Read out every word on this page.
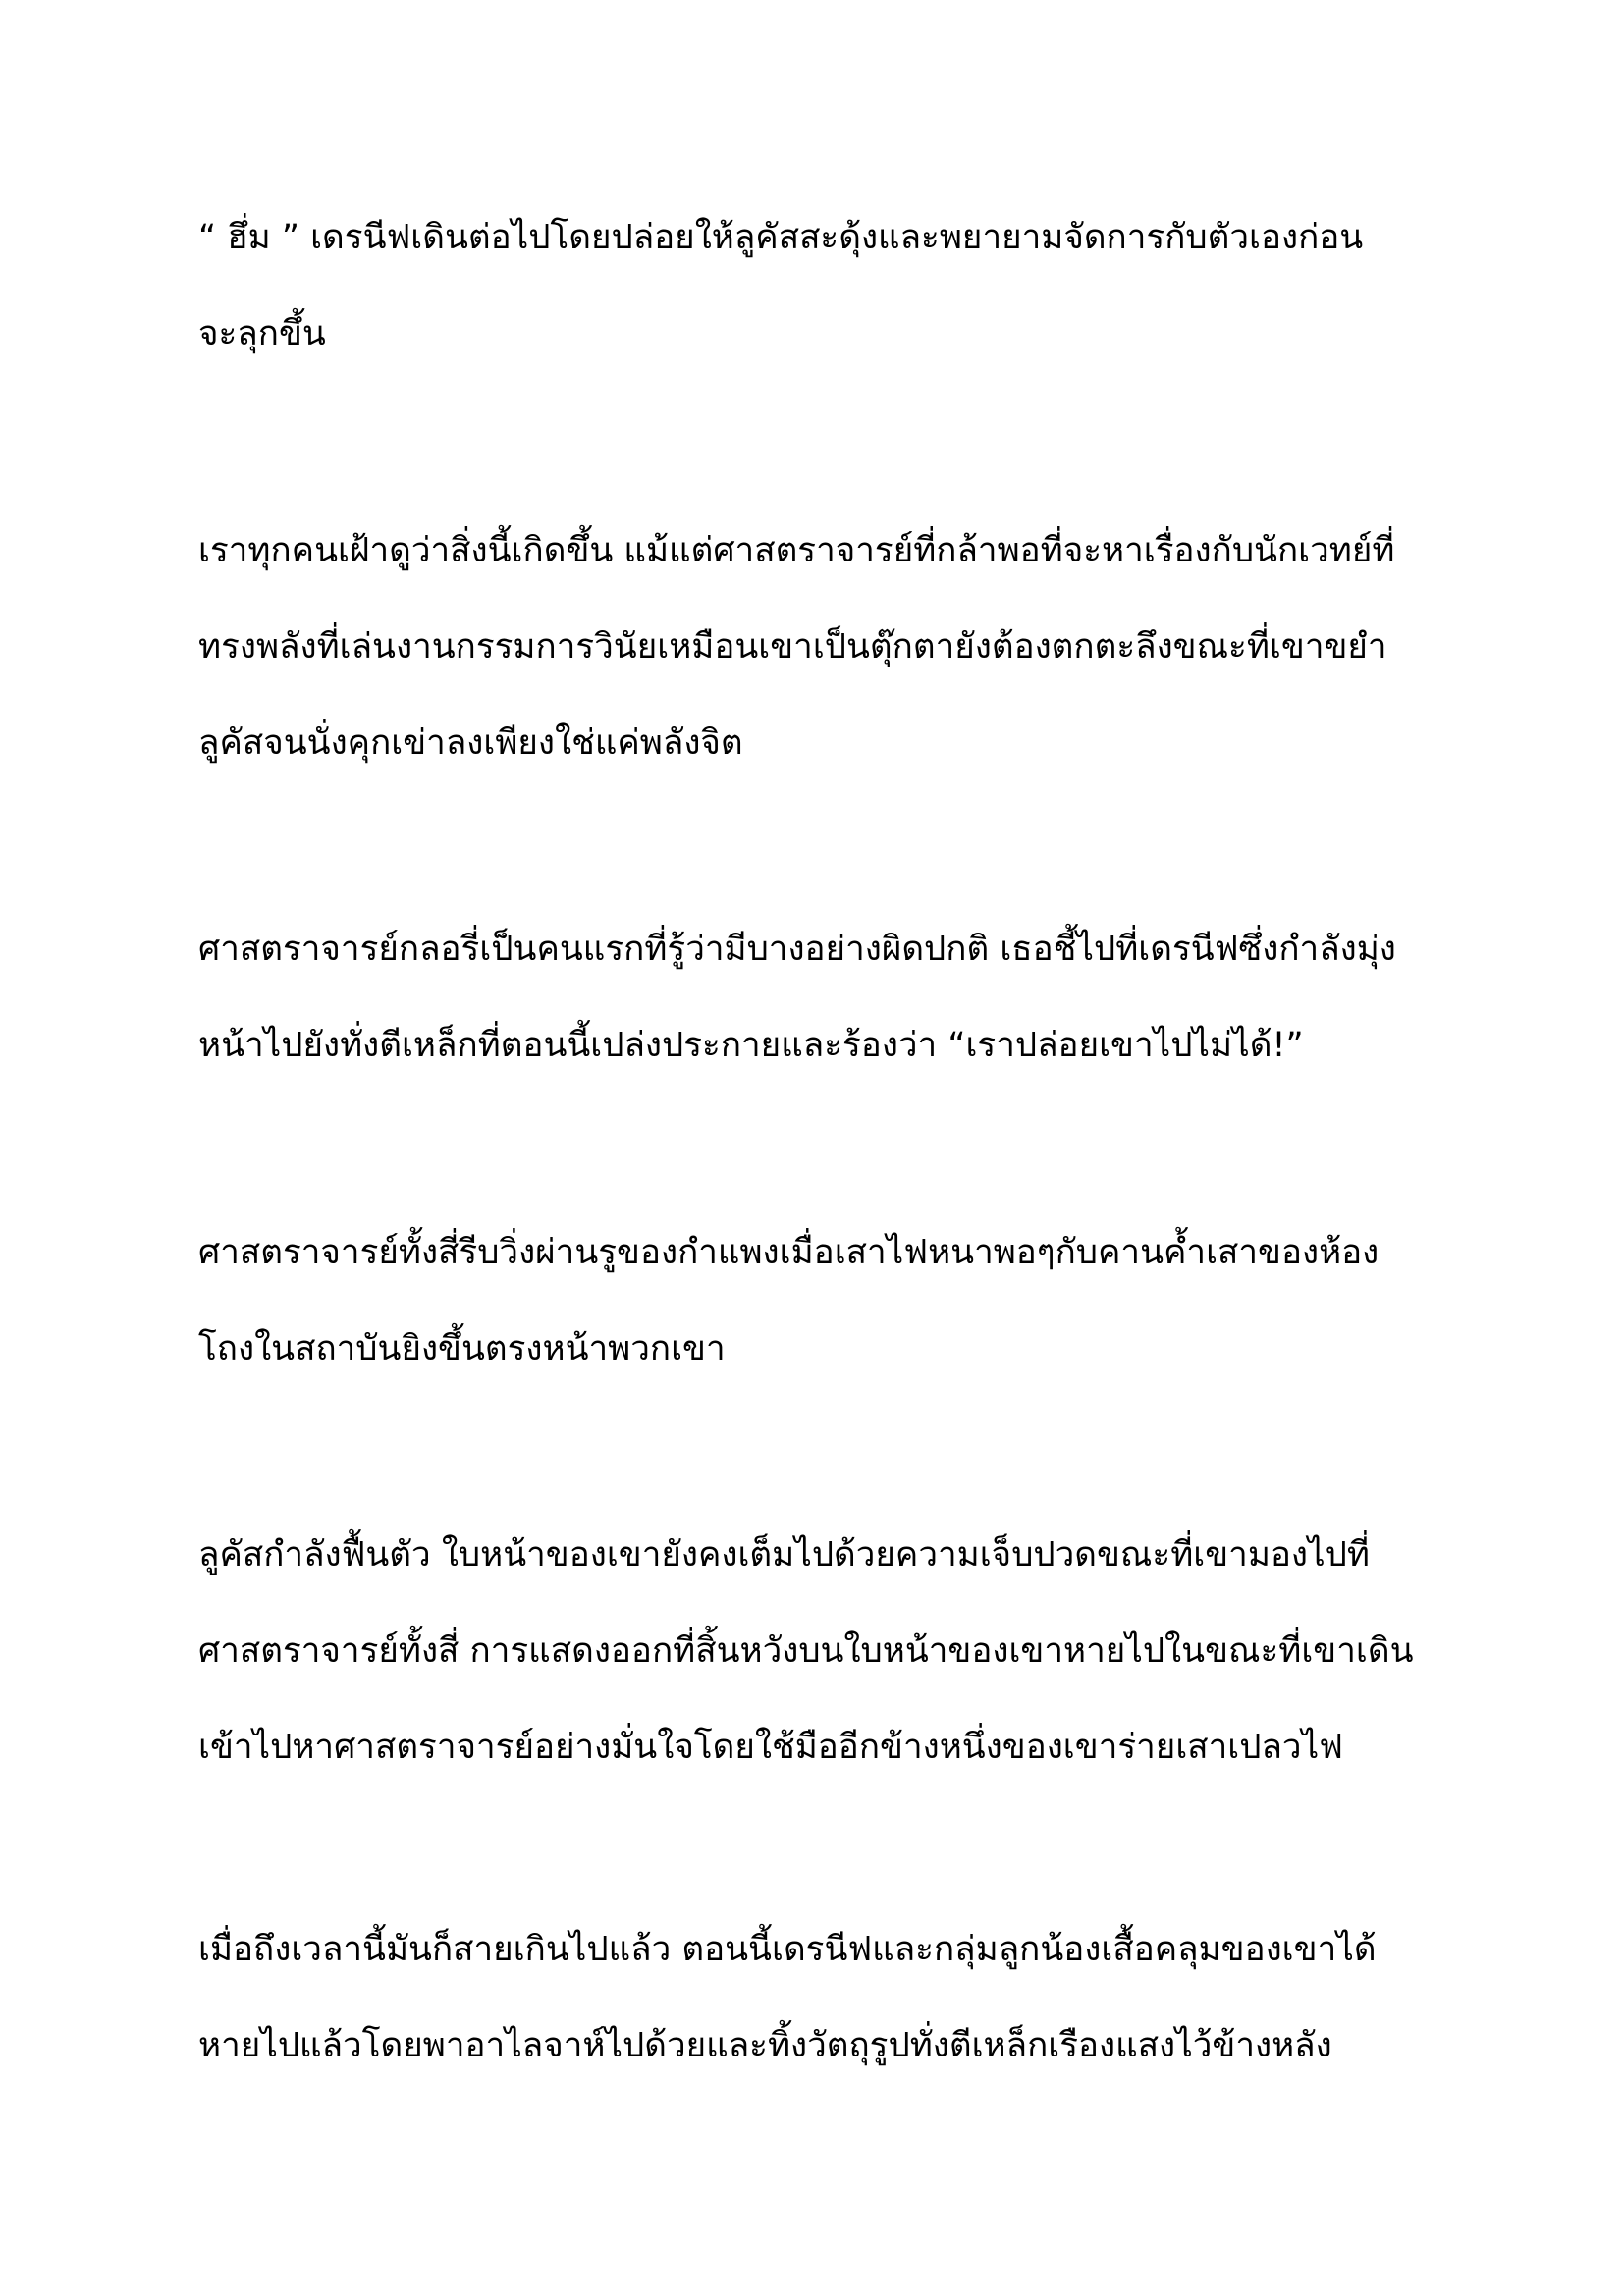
“ ฮึ่ม ” เดรนีฟเดินต่อไปโดยปล่อยให้ลูคัสสะดุ้งและพยายามจัดการกับตัวเองก่อน
จะลุกขึ้น

เราทุกคนเฝ้าดูว่าสิ่งนี้เกิดขึ้น แม้แต่ศาสตราจารย์ที่กล้าพอที่จะหาเรื่องกับนักเวทย์ที่
ทรงพลังที่เล่นงานกรรมการวินัยเหมือนเขาเป็นตุ๊กตายังต้องตกตะลึงขณะที่เขาขยำ
ลูคัสจนนั่งคุกเข่าลงเพียงใช่แค่พลังจิต

ศาสตราจารย์กลอรี่เป็นคนแรกที่รู้ว่ามีบางอย่างผิดปกติ เธอชี้ไปที่เดรนีฟซึ่งกำลังมุ่ง
หน้าไปยังทั่งตีเหล็กที่ตอนนี้เปล่งประกายและร้องว่า “เราปล่อยเขาไปไม่ได้!”

ศาสตราจารย์ทั้งสี่รีบวิ่งผ่านรูของกำแพงเมื่อเสาไฟหนาพอๆกับคานค้ำเสาของห้อง
โถงในสถาบันยิงขึ้นตรงหน้าพวกเขา

ลูคัสกำลังฟื้นตัว ใบหน้าของเขายังคงเต็มไปด้วยความเจ็บปวดขณะที่เขามองไปที่
ศาสตราจารย์ทั้งสี่ การแสดงออกที่สิ้นหวังบนใบหน้าของเขาหายไปในขณะที่เขาเดิน
เข้าไปหาศาสตราจารย์อย่างมั่นใจโดยใช้มืออีกข้างหนึ่งของเขาร่ายเสาเปลวไฟ

เมื่อถึงเวลานี้มันก็สายเกินไปแล้ว ตอนนี้เดรนีฟและกลุ่มลูกน้องเสื้อคลุมของเขาได้
หายไปแล้วโดยพาอาไลจาห์ไปด้วยและทิ้งวัตถุรูปทั่งตีเหล็กเรืองแสงไว้ข้างหลัง
